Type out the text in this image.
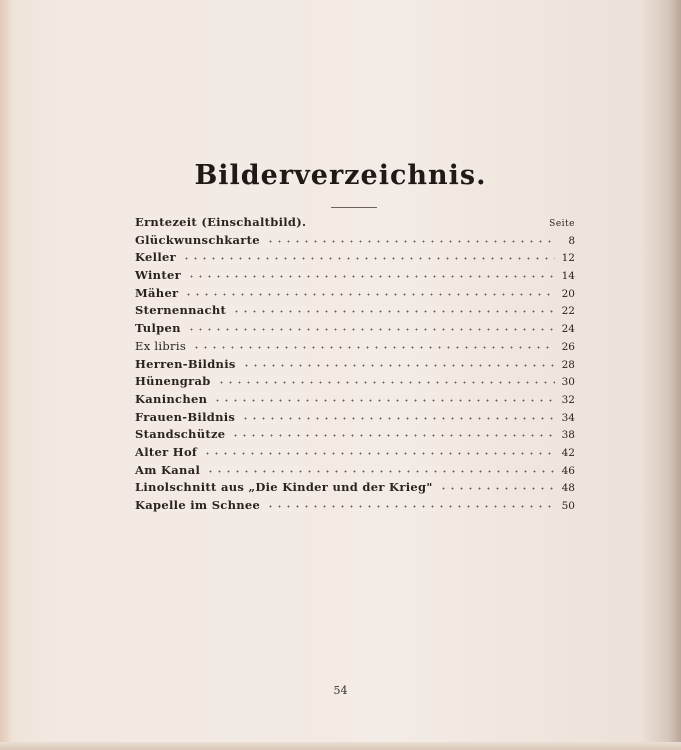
Bilderverzeichnis.
Erntezeit (Einschaltbild).	Seite
Glückwunschkarte	8
Keller	12
Winter	14
Mäher	20
Sternennacht	22
Tulpen	24
Ex libris	26
Herren-Bildnis	28
Hünengrab	30
Kaninchen	32
Frauen-Bildnis	34
Standschütze	38
Alter Hof	42
Am Kanal	46
Linolschnitt aus „Die Kinder und der Krieg"	48
Kapelle im Schnee	50
54
